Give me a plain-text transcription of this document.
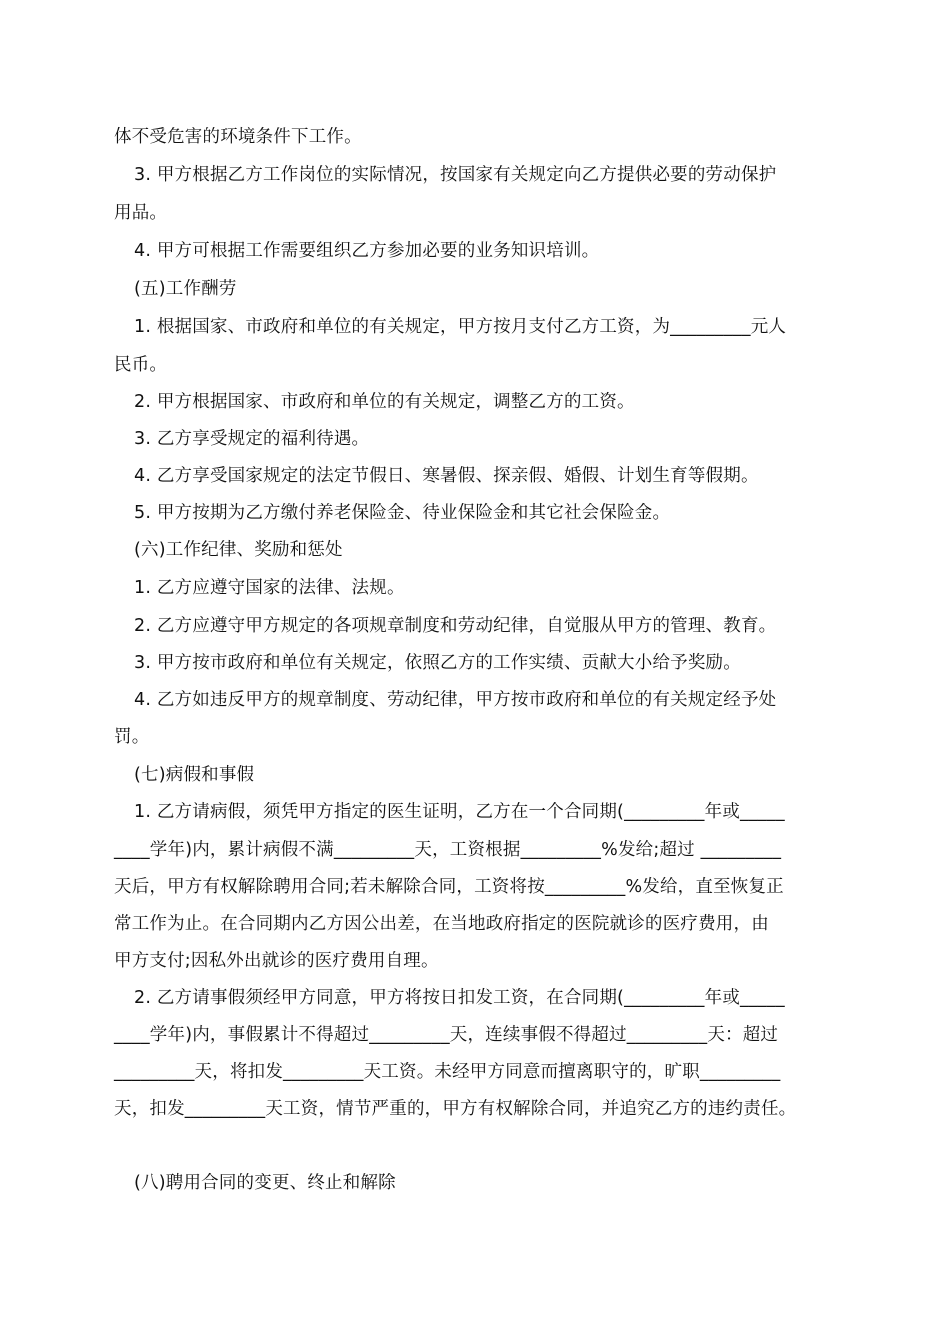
体不受危害的环境条件下工作。
3. 甲方根据乙方工作岗位的实际情况，按国家有关规定向乙方提供必要的劳动保护
用品。
4. 甲方可根据工作需要组织乙方参加必要的业务知识培训。
(五)工作酬劳
1. 根据国家、市政府和单位的有关规定，甲方按月支付乙方工资，为_________元人
民币。
2. 甲方根据国家、市政府和单位的有关规定，调整乙方的工资。
3. 乙方享受规定的福利待遇。
4. 乙方享受国家规定的法定节假日、寒暑假、探亲假、婚假、计划生育等假期。
5. 甲方按期为乙方缴付养老保险金、待业保险金和其它社会保险金。
(六)工作纪律、奖励和惩处
1. 乙方应遵守国家的法律、法规。
2. 乙方应遵守甲方规定的各项规章制度和劳动纪律，自觉服从甲方的管理、教育。
3. 甲方按市政府和单位有关规定，依照乙方的工作实绩、贡献大小给予奖励。
4. 乙方如违反甲方的规章制度、劳动纪律，甲方按市政府和单位的有关规定经予处
罚。
(七)病假和事假
1. 乙方请病假，须凭甲方指定的医生证明，乙方在一个合同期(_________年或_____
____学年)内，累计病假不满_________天，工资根据_________%发给;超过 _________
天后，甲方有权解除聘用合同;若未解除合同，工资将按_________%发给，直至恢复正
常工作为止。在合同期内乙方因公出差，在当地政府指定的医院就诊的医疗费用，由
甲方支付;因私外出就诊的医疗费用自理。
2. 乙方请事假须经甲方同意，甲方将按日扣发工资，在合同期(_________年或_____
____学年)内，事假累计不得超过_________天，连续事假不得超过_________天：超过
_________天，将扣发_________天工资。未经甲方同意而擅离职守的，旷职_________
天，扣发_________天工资，情节严重的，甲方有权解除合同，并追究乙方的违约责任。
(八)聘用合同的变更、终止和解除
